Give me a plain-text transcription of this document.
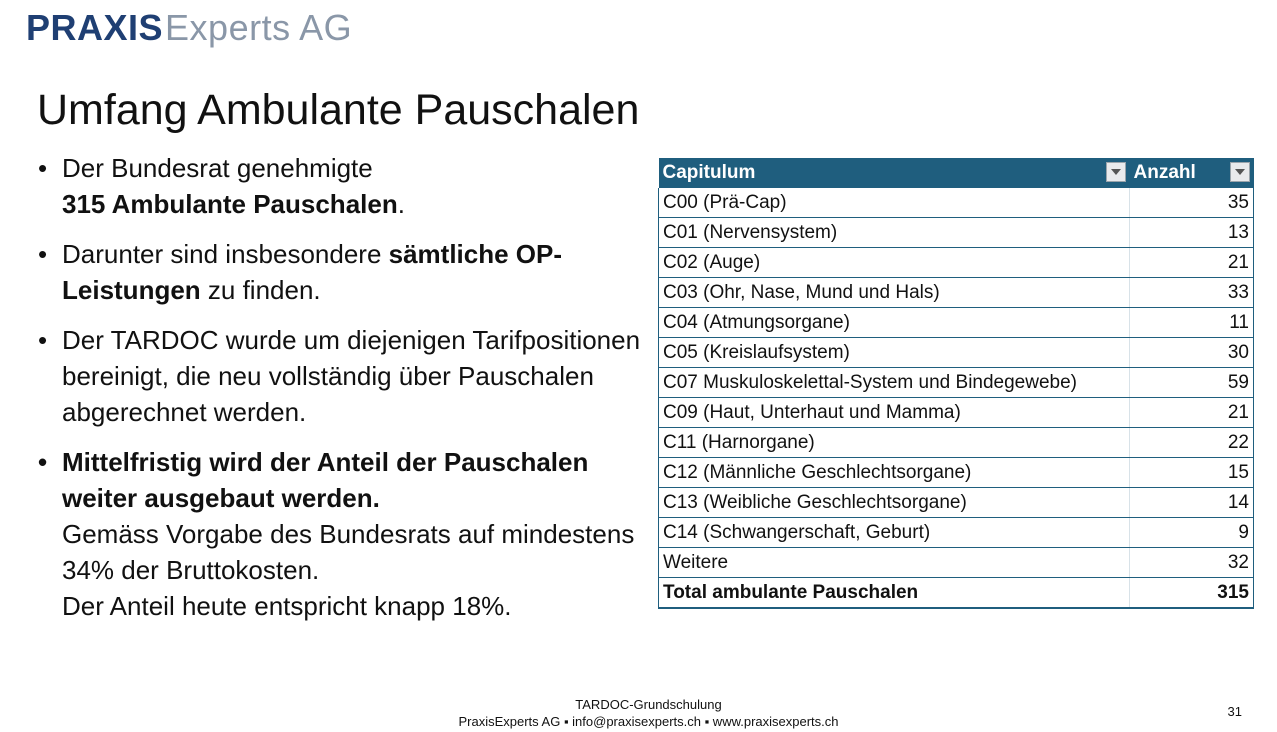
PRAXIS Experts AG
Umfang Ambulante Pauschalen
• Der Bundesrat genehmigte
315 Ambulante Pauschalen.
• Darunter sind insbesondere sämtliche OP-Leistungen zu finden.
• Der TARDOC wurde um diejenigen Tarifpositionen bereinigt, die neu vollständig über Pauschalen abgerechnet werden.
• Mittelfristig wird der Anteil der Pauschalen weiter ausgebaut werden.
Gemäss Vorgabe des Bundesrats auf mindestens 34% der Bruttokosten.
Der Anteil heute entspricht knapp 18%.
Capitulum	Anzahl

C00 (Prä-Cap)	35
C01 (Nervensystem)	13
C02 (Auge)	21
C03 (Ohr, Nase, Mund und Hals)	33
C04 (Atmungsorgane)	11
C05 (Kreislaufsystem)	30
C07 Muskuloskelettal-System und Bindegewebe)	59
C09 (Haut, Unterhaut und Mamma)	21
C11 (Harnorgane)	22
C12 (Männliche Geschlechtsorgane)	15
C13 (Weibliche Geschlechtsorgane)	14
C14 (Schwangerschaft, Geburt)	9
Weitere	32
Total ambulante Pauschalen	315
TARDOC-Grundschulung
PraxisExperts AG ▪ info@praxisexperts.ch ▪ www.praxisexperts.ch
31
